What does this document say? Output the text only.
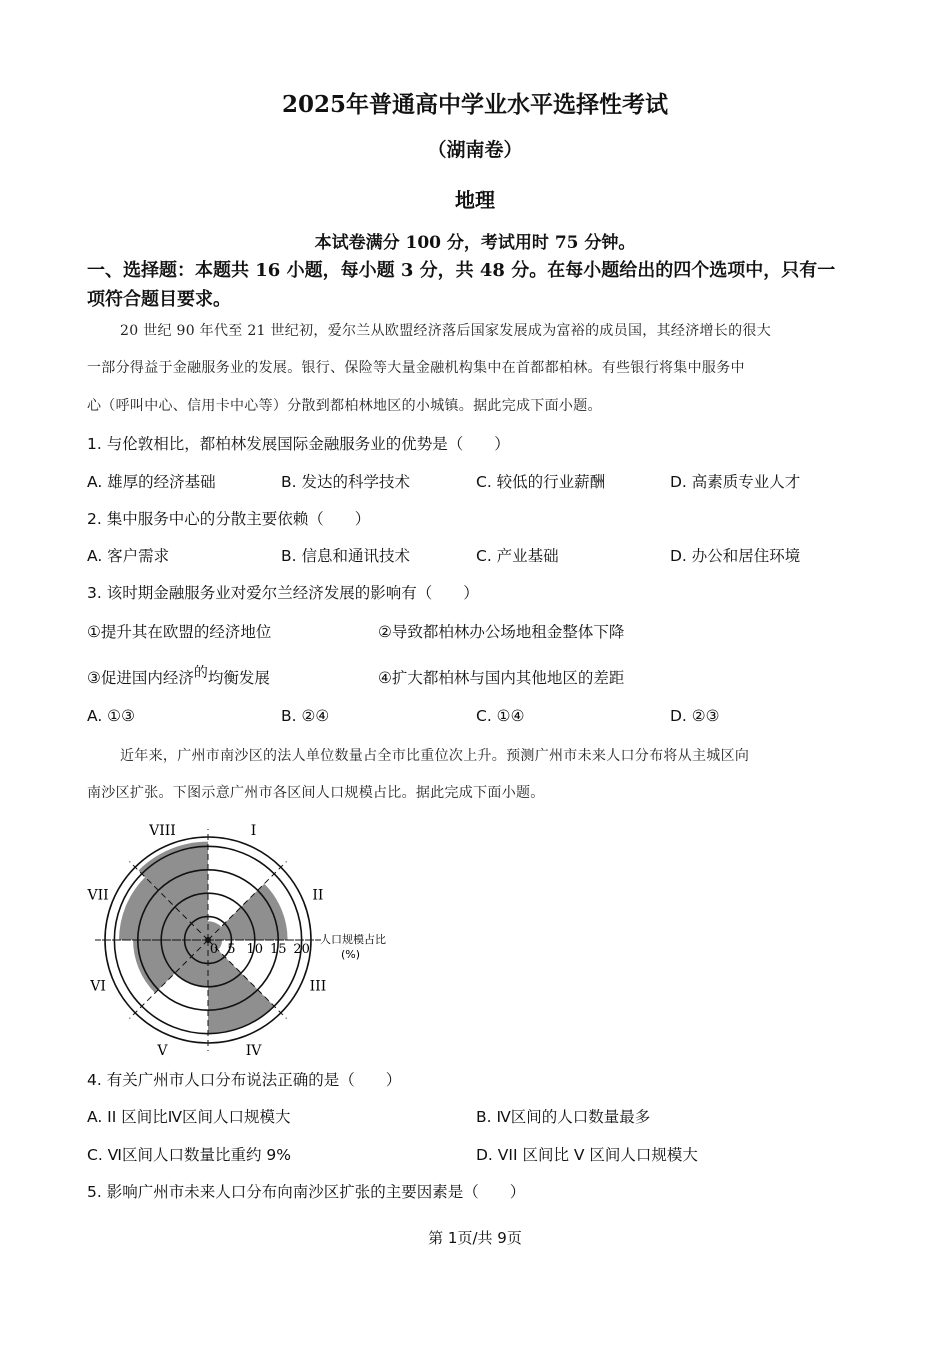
2025年普通高中学业水平选择性考试
（湖南卷）
地理
本试卷满分 100 分，考试用时 75 分钟。
一、选择题：本题共 16 小题，每小题 3 分，共 48 分。在每小题给出的四个选项中，只有一
项符合题目要求。
20 世纪 90 年代至 21 世纪初，爱尔兰从欧盟经济落后国家发展成为富裕的成员国，其经济增长的很大
一部分得益于金融服务业的发展。银行、保险等大量金融机构集中在首都都柏林。有些银行将集中服务中
心（呼叫中心、信用卡中心等）分散到都柏林地区的小城镇。据此完成下面小题。
1. 与伦敦相比，都柏林发展国际金融服务业的优势是（　　）
A. 雄厚的经济基础	B. 发达的科学技术	C. 较低的行业薪酬	D. 高素质专业人才
2. 集中服务中心的分散主要依赖（　　）
A. 客户需求	B. 信息和通讯技术	C. 产业基础	D. 办公和居住环境
3. 该时期金融服务业对爱尔兰经济发展的影响有（　　）
①提升其在欧盟的经济地位	②导致都柏林办公场地租金整体下降
③促进国内经济的均衡发展	④扩大都柏林与国内其他地区的差距
A. ①③	B. ②④	C. ①④	D. ②③
近年来，广州市南沙区的法人单位数量占全市比重位次上升。预测广州市未来人口分布将从主城区向
南沙区扩张。下图示意广州市各区间人口规模占比。据此完成下面小题。
I
II
III
IV
V
VI
VII
VIII
0 5 10 15 20
人口规模占比
(%)
4. 有关广州市人口分布说法正确的是（　　）
A. II 区间比Ⅳ区间人口规模大	B. Ⅳ区间的人口数量最多
C. Ⅵ区间人口数量比重约 9%	D. VII 区间比 V 区间人口规模大
5. 影响广州市未来人口分布向南沙区扩张的主要因素是（　　）
第 1页/共 9页
